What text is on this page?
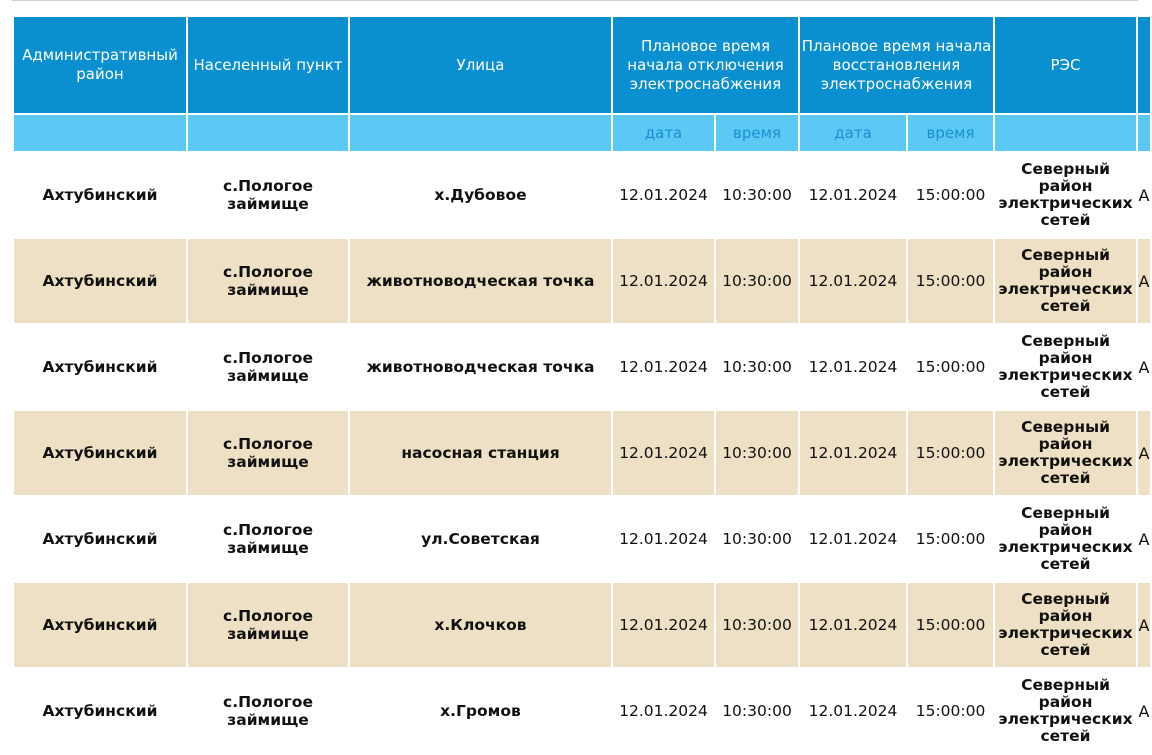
Административный район	Населенный пункт	Улица	Плановое время начала отключения электроснабжения		Плановое время начала восстановления электроснабжения		РЭС	
			дата	время	дата	время		
Ахтубинский	с.Пологое займище	х.Дубовое	12.01.2024	10:30:00	12.01.2024	15:00:00	Северный район электрических сетей	А
Ахтубинский	с.Пологое займище	животноводческая точка	12.01.2024	10:30:00	12.01.2024	15:00:00	Северный район электрических сетей	А
Ахтубинский	с.Пологое займище	животноводческая точка	12.01.2024	10:30:00	12.01.2024	15:00:00	Северный район электрических сетей	А
Ахтубинский	с.Пологое займище	насосная станция	12.01.2024	10:30:00	12.01.2024	15:00:00	Северный район электрических сетей	А
Ахтубинский	с.Пологое займище	ул.Советская	12.01.2024	10:30:00	12.01.2024	15:00:00	Северный район электрических сетей	А
Ахтубинский	с.Пологое займище	х.Клочков	12.01.2024	10:30:00	12.01.2024	15:00:00	Северный район электрических сетей	А
Ахтубинский	с.Пологое займище	х.Громов	12.01.2024	10:30:00	12.01.2024	15:00:00	Северный район электрических сетей	А
